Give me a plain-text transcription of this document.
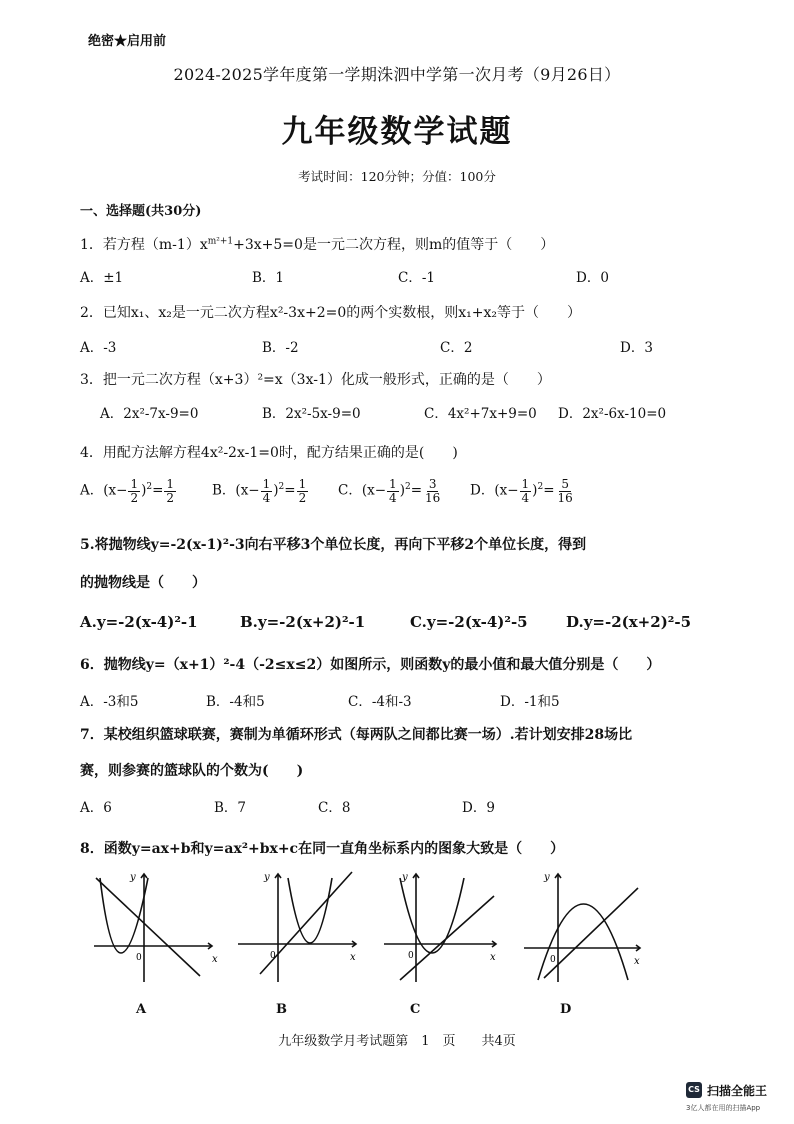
绝密★启用前
2024-2025学年度第一学期洙泗中学第一次月考（9月26日）
九年级数学试题
考试时间：120分钟；分值：100分
一、选择题(共30分)
1．若方程$(m-1)x^{m^2+1}+3x+5=0$是一元二次方程，则m的值等于（　　）
A．±1	B．1	C．-1	D．0
2．已知x₁、x₂是一元二次方程x²-3x+2=0的两个实数根，则x₁+x₂等于（　　）
A．-3	B．-2	C．2	D．3
3．把一元二次方程（x+3）²=x（3x-1）化成一般形式，正确的是（　　）
A．2x²-7x-9=0	B．2x²-5x-9=0	C．4x²+7x+9=0 D．2x²-6x-10=0
4．用配方法解方程4x²-2x-1=0时，配方结果正确的是(　　)
A．$(x- \frac{1}{2} )^2= \frac{1}{2}$	B．$(x- \frac{1}{4} )^2= \frac{1}{2}$ C．$(x- \frac{1}{4} )^2= \frac{3}{16}$ D．$(x- \frac{1}{4} )^2= \frac{5}{16}$
5.将抛物线y=-2(x-1)²-3向右平移3个单位长度，再向下平移2个单位长度，得到
的抛物线是（　　）
A.y=-2(x-4)²-1	B.y=-2(x+2)²-1	C.y=-2(x-4)²-5	D.y=-2(x+2)²-5
6．抛物线y=（x+1）²-4（-2≤x≤2）如图所示，则函数y的最小值和最大值分别是（　　）
A．-3和5	B．-4和5	C．-4和-3	D．-1和5
7．某校组织篮球联赛，赛制为单循环形式（每两队之间都比赛一场）.若计划安排28场比
赛，则参赛的篮球队的个数为(　　)
A．6	B．7	C．8	D．9
8．函数y=ax+b和y=ax²+bx+c在同一直角坐标系内的图象大致是（　　）
x
y
0
A
x
y
0
B
x
y
0
C
x
y
0
D
九年级数学月考试题第　1　页　　共4页
CS 扫描全能王
3亿人都在用的扫描App
